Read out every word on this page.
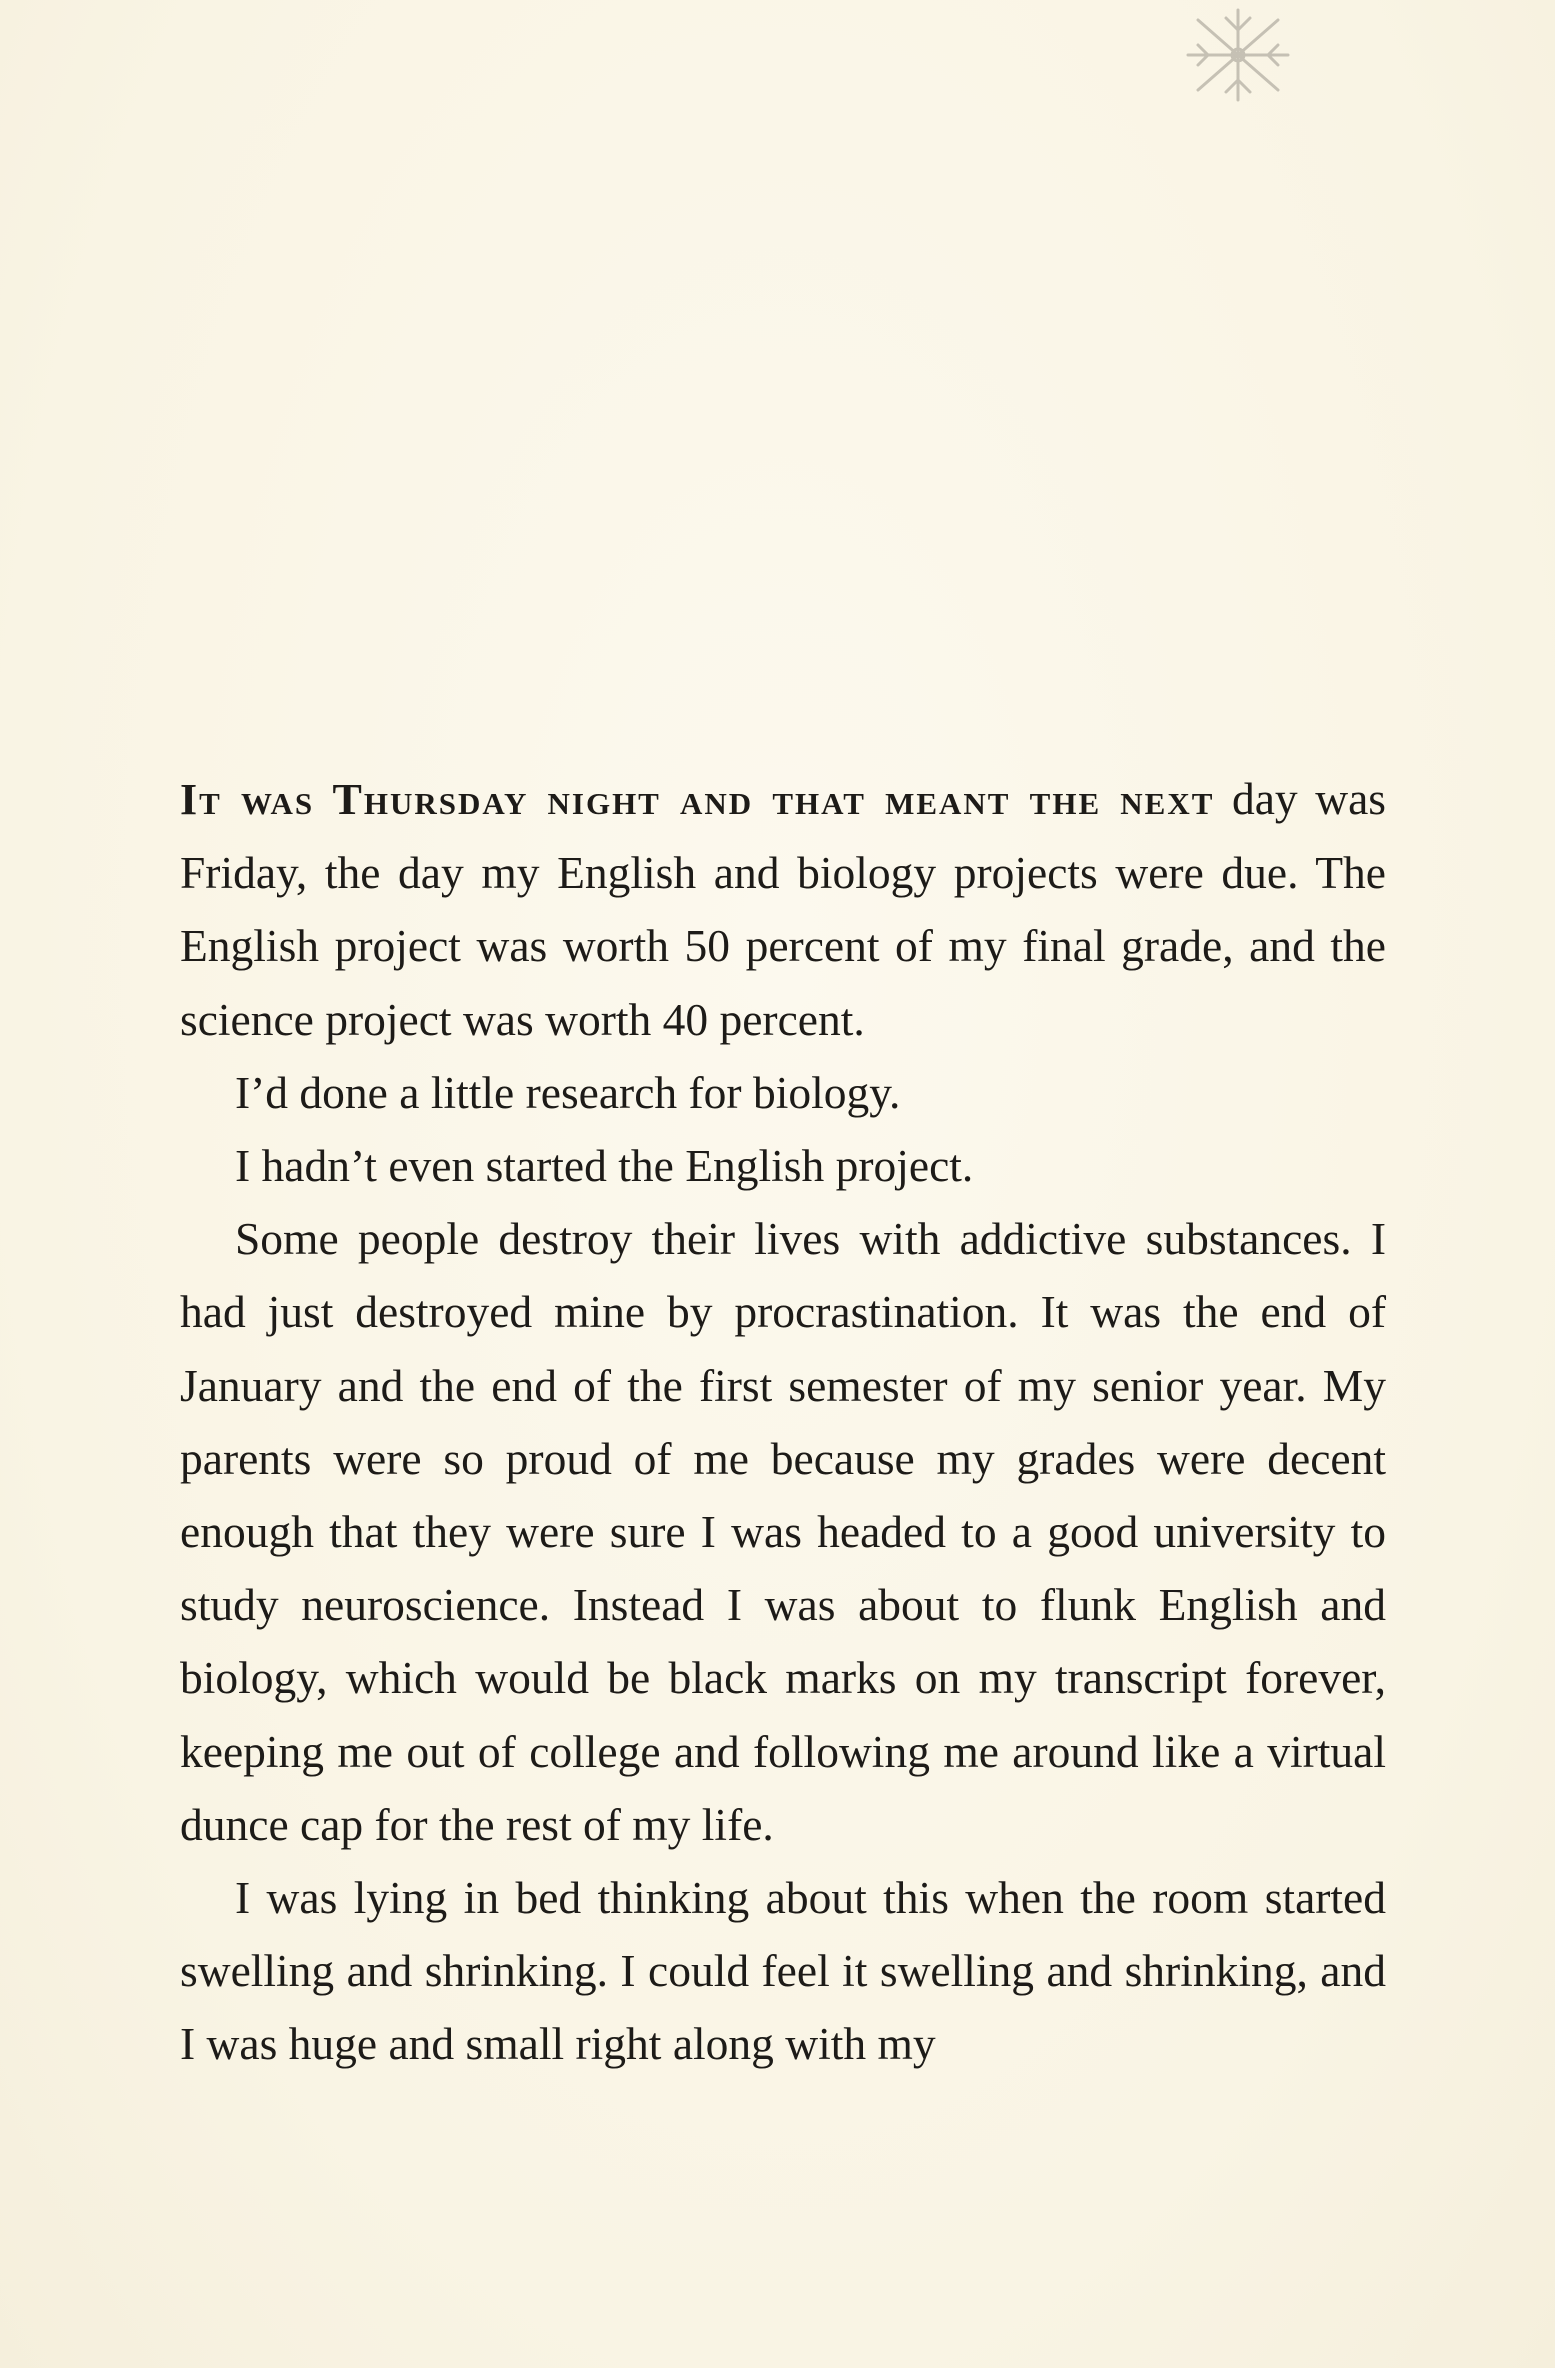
It was Thursday night and that meant the next day was Friday, the day my English and biology projects were due. The English project was worth 50 percent of my final grade, and the science project was worth 40 percent.

I’d done a little research for biology.

I hadn’t even started the English project.

Some people destroy their lives with addictive substances. I had just destroyed mine by procrastination. It was the end of January and the end of the first semester of my senior year. My parents were so proud of me because my grades were decent enough that they were sure I was headed to a good university to study neuroscience. Instead I was about to flunk English and biology, which would be black marks on my transcript forever, keeping me out of college and following me around like a virtual dunce cap for the rest of my life.

I was lying in bed thinking about this when the room started swelling and shrinking. I could feel it swelling and shrinking, and I was huge and small right along with my
